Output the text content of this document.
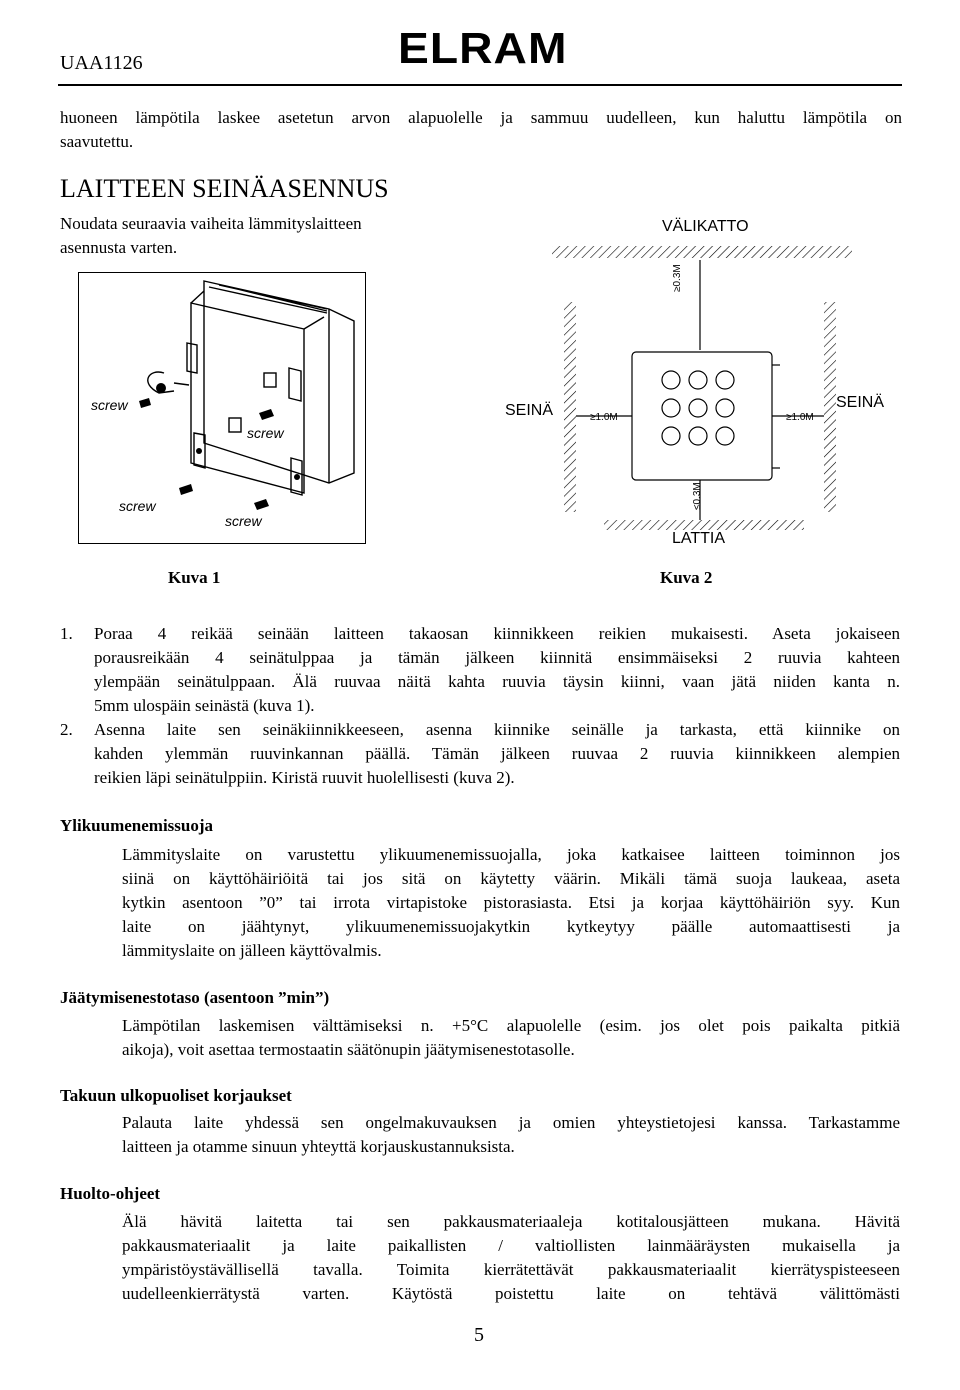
UAA1126	ELRAM
huoneen lämpötila laskee asetetun arvon alapuolelle ja sammuu uudelleen, kun haluttu lämpötila on
saavutettu.
LAITTEEN SEINÄASENNUS
Noudata seuraavia vaiheita lämmityslaitteen
asennusta varten.
screw
screw
screw
screw
Kuva 1
VÄLIKATTO
SEINÄ	SEINÄ
LATTIA
≥0.3M
≥1.0M	≥1.0M
≤0.3M
Kuva 2
1. Poraa 4 reikää seinään laitteen takaosan kiinnikkeen reikien mukaisesti. Aseta jokaiseen
porausreikään 4 seinätulppaa ja tämän jälkeen kiinnitä ensimmäiseksi 2 ruuvia kahteen
ylempään seinätulppaan. Älä ruuvaa näitä kahta ruuvia täysin kiinni, vaan jätä niiden kanta n.
5mm ulospäin seinästä (kuva 1).
2. Asenna laite sen seinäkiinnikkeeseen, asenna kiinnike seinälle ja tarkasta, että kiinnike on
kahden ylemmän ruuvinkannan päällä. Tämän jälkeen ruuvaa 2 ruuvia kiinnikkeen alempien
reikien läpi seinätulppiin. Kiristä ruuvit huolellisesti (kuva 2).
Ylikuumenemissuoja
Lämmityslaite on varustettu ylikuumenemissuojalla, joka katkaisee laitteen toiminnon jos
siinä on käyttöhäiriöitä tai jos sitä on käytetty väärin. Mikäli tämä suoja laukeaa, aseta
kytkin asentoon ”0” tai irrota virtapistoke pistorasiasta. Etsi ja korjaa käyttöhäiriön syy. Kun
laite on jäähtynyt, ylikuumenemissuojakytkin kytkeytyy päälle automaattisesti ja
lämmityslaite on jälleen käyttövalmis.
Jäätymisenestotaso (asentoon ”min”)
Lämpötilan laskemisen välttämiseksi n. +5°C alapuolelle (esim. jos olet pois paikalta pitkiä
aikoja), voit asettaa termostaatin säätönupin jäätymisenestotasolle.
Takuun ulkopuoliset korjaukset
Palauta laite yhdessä sen ongelmakuvauksen ja omien yhteystietojesi kanssa. Tarkastamme
laitteen ja otamme sinuun yhteyttä korjauskustannuksista.
Huolto-ohjeet
Älä hävitä laitetta tai sen pakkausmateriaaleja kotitalousjätteen mukana. Hävitä
pakkausmateriaalit ja laite paikallisten / valtiollisten lainmääräysten mukaisella ja
ympäristöystävällisellä tavalla. Toimita kierrätettävät pakkausmateriaalit kierrätyspisteeseen
uudelleenkierrätystä varten. Käytöstä poistettu laite on tehtävä välittömästi
5
